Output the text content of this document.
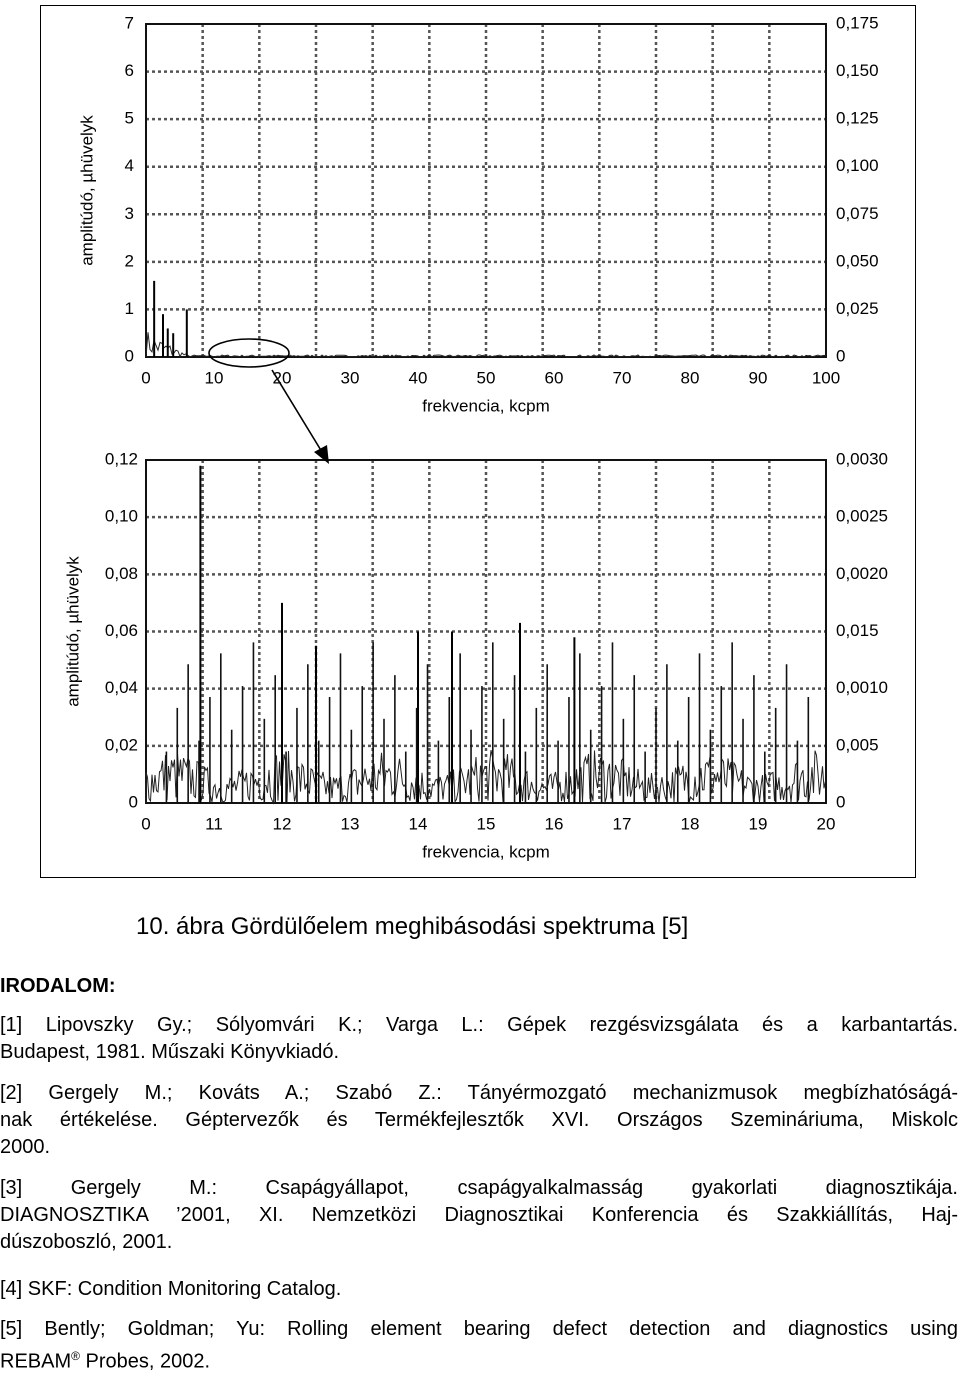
0
1
2
3
4
5
6
7
0
0,025
0,050
0,075
0,100
0,125
0,150
0,175
0	10	20	30	40	50	60	70	80	90	100
frekvencia, kcpm
amplitúdó, µhüvelyk
0
0,02
0,04
0,06
0,08
0,10
0,12
0
0,005
0,0010
0,015
0,0020
0,0025
0,0030
0	11	12	13	14	15	16	17	18	19	20
frekvencia, kcpm
amplitúdó, µhüvelyk
10. ábra Gördülőelem meghibásodási spektruma [5]
IRODALOM:
[1] Lipovszky Gy.; Sólyomvári K.; Varga L.: Gépek rezgésvizsgálata és a karbantartás.
Budapest, 1981. Műszaki Könyvkiadó.
[2] Gergely M.; Kováts A.; Szabó Z.: Tányérmozgató mechanizmusok megbízhatóságá-
nak értékelése. Géptervezők és Termékfejlesztők XVI. Országos Szemináriuma, Miskolc
2000.
[3] Gergely M.: Csapágyállapot, csapágyalkalmasság gyakorlati diagnosztikája.
DIAGNOSZTIKA ’2001, XI. Nemzetközi Diagnosztikai Konferencia és Szakkiállítás, Haj-
dúszoboszló, 2001.
[4] SKF: Condition Monitoring Catalog.
[5] Bently; Goldman; Yu: Rolling element bearing defect detection and diagnostics using
REBAM® Probes, 2002.
